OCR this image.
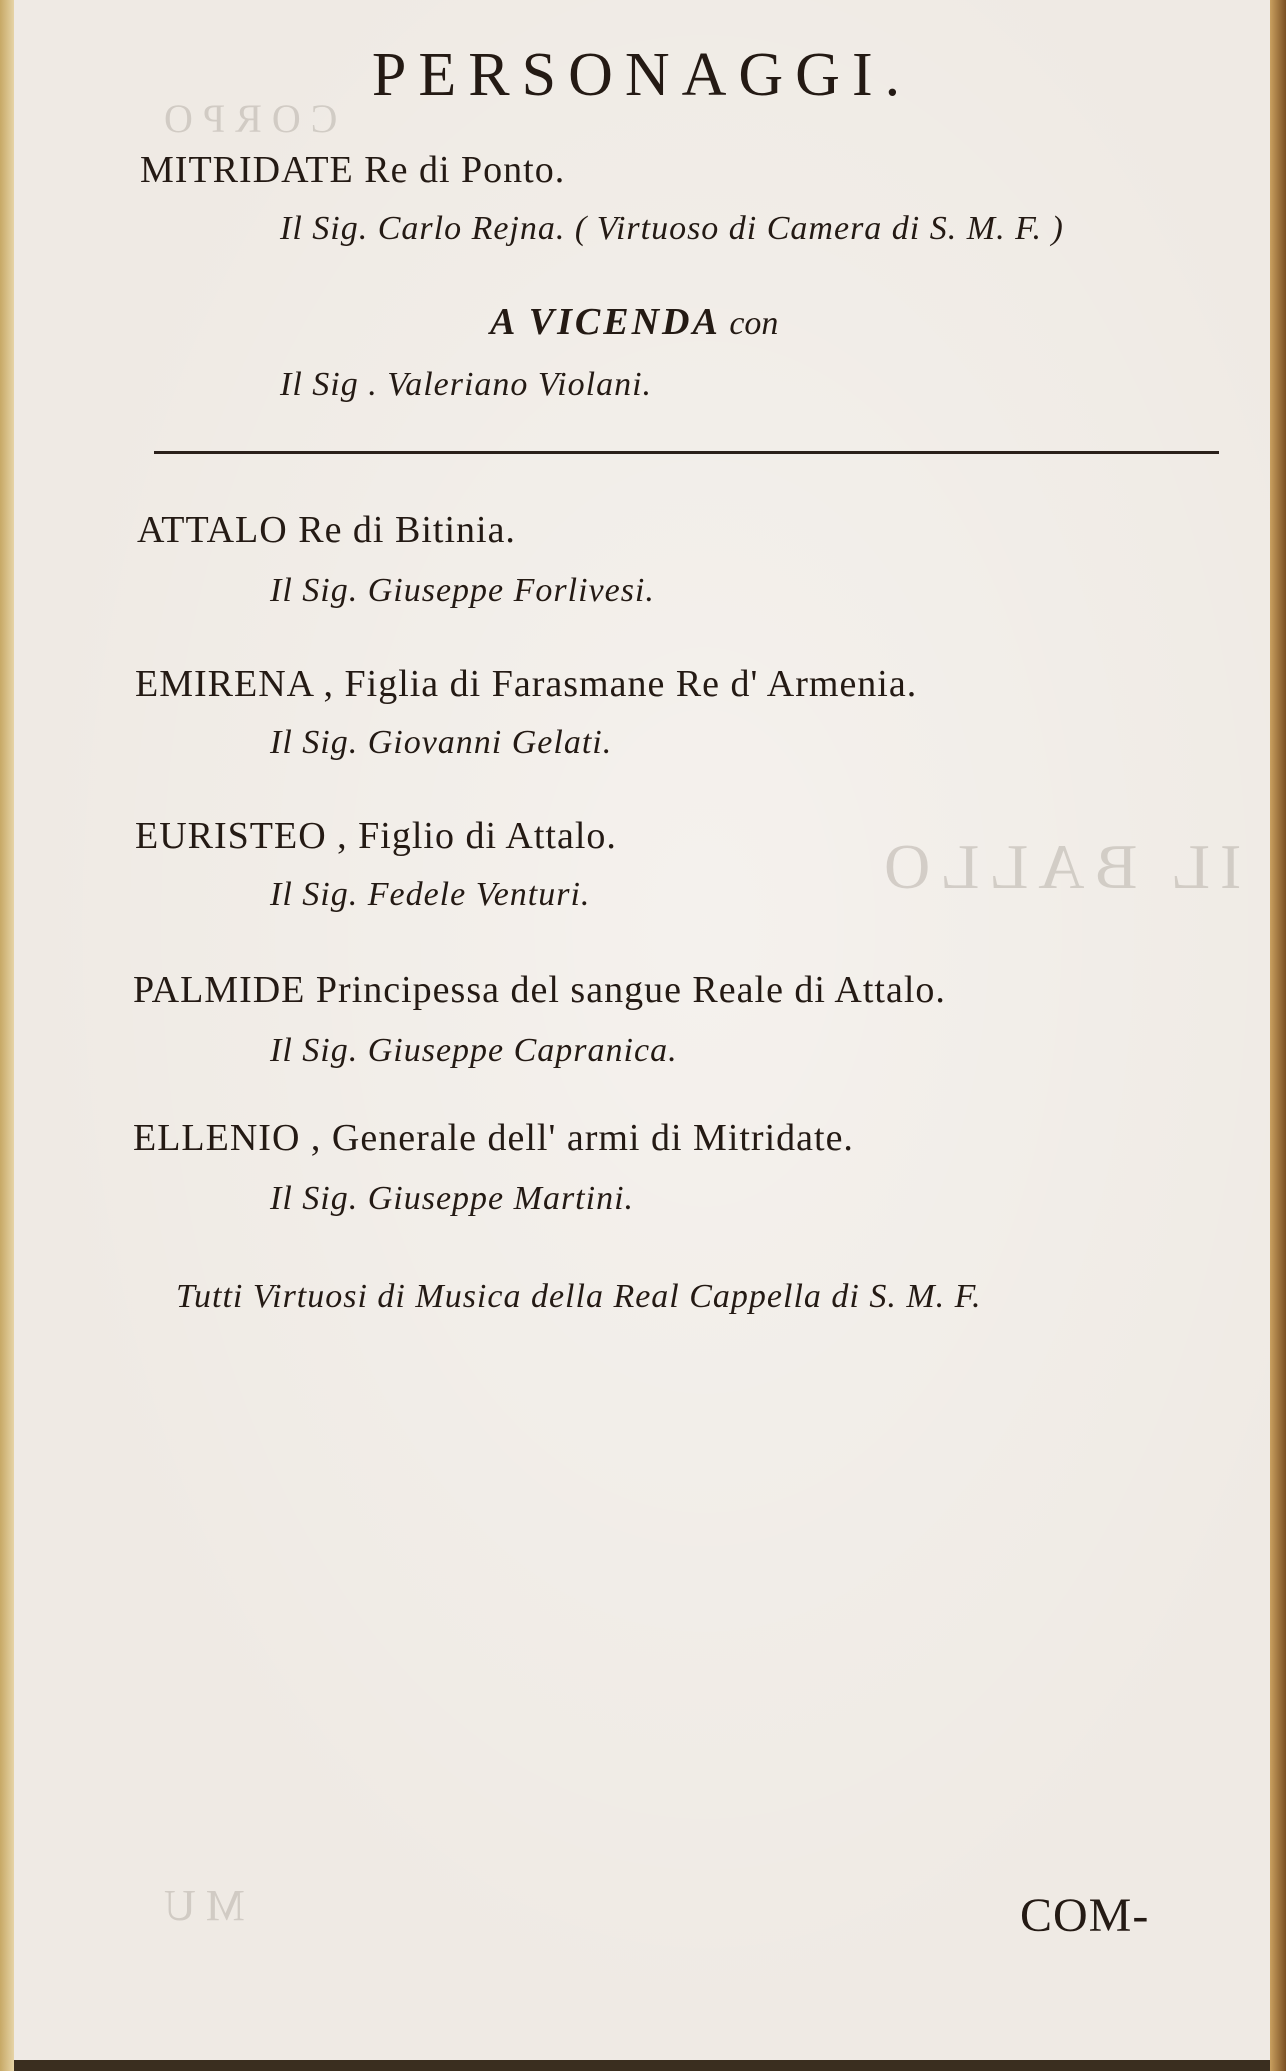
CORPO
IL BALLO
MU
PERSONAGGI.
MITRIDATE Re di Ponto.
Il Sig. Carlo Rejna. ( Virtuoso di Camera di S. M. F. )
A VICENDA con
Il Sig . Valeriano Violani.
ATTALO Re di Bitinia.
Il Sig. Giuseppe Forlivesi.
EMIRENA , Figlia di Farasmane Re d' Armenia.
Il Sig. Giovanni Gelati.
EURISTEO , Figlio di Attalo.
Il Sig. Fedele Venturi.
PALMIDE Principessa del sangue Reale di Attalo.
Il Sig. Giuseppe Capranica.
ELLENIO , Generale dell' armi di Mitridate.
Il Sig. Giuseppe Martini.
Tutti Virtuosi di Musica della Real Cappella di S. M. F.
COM-
